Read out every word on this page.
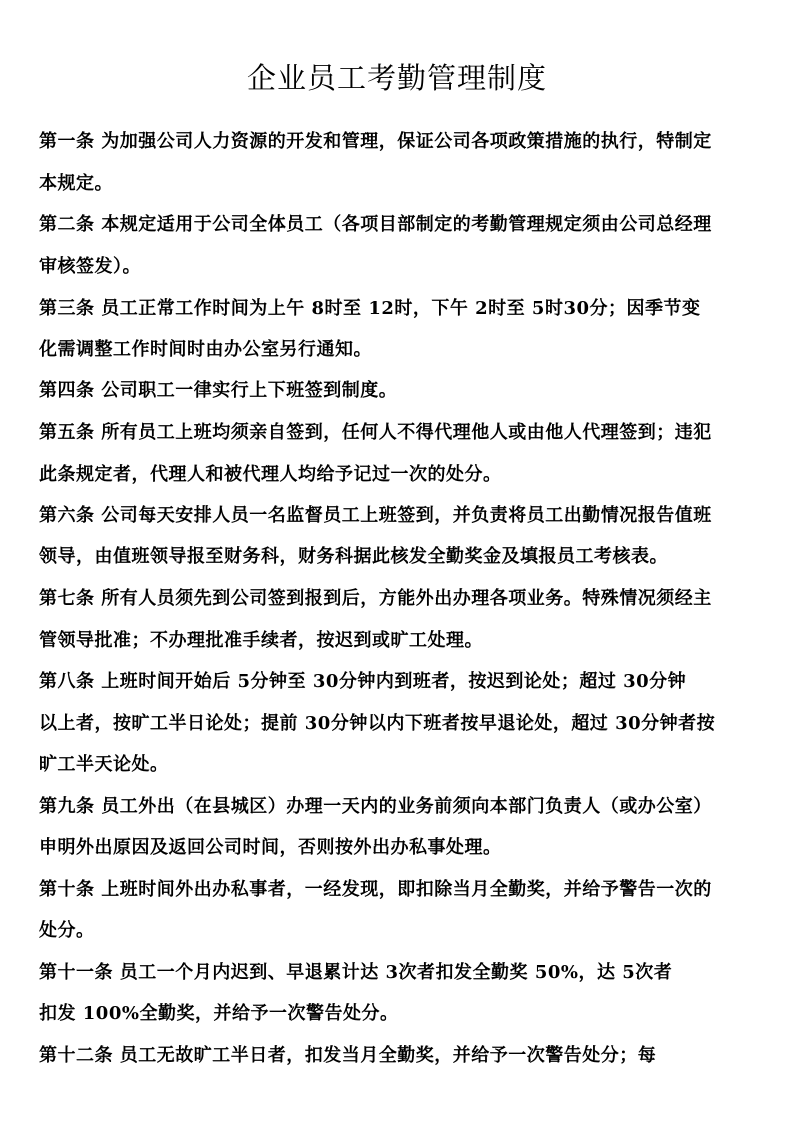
企业员工考勤管理制度
第一条 为加强公司人力资源的开发和管理，保证公司各项政策措施的执行，特制定
本规定。
第二条 本规定适用于公司全体员工（各项目部制定的考勤管理规定须由公司总经理
审核签发）。
第三条 员工正常工作时间为上午 8时至 12时，下午 2时至 5时30分；因季节变
化需调整工作时间时由办公室另行通知。
第四条 公司职工一律实行上下班签到制度。
第五条 所有员工上班均须亲自签到，任何人不得代理他人或由他人代理签到；违犯
此条规定者，代理人和被代理人均给予记过一次的处分。
第六条 公司每天安排人员一名监督员工上班签到，并负责将员工出勤情况报告值班
领导，由值班领导报至财务科，财务科据此核发全勤奖金及填报员工考核表。
第七条 所有人员须先到公司签到报到后，方能外出办理各项业务。特殊情况须经主
管领导批准；不办理批准手续者，按迟到或旷工处理。
第八条 上班时间开始后 5分钟至 30分钟内到班者，按迟到论处；超过 30分钟
以上者，按旷工半日论处；提前 30分钟以内下班者按早退论处，超过 30分钟者按
旷工半天论处。
第九条 员工外出（在县城区）办理一天内的业务前须向本部门负责人（或办公室）
申明外出原因及返回公司时间，否则按外出办私事处理。
第十条 上班时间外出办私事者，一经发现，即扣除当月全勤奖，并给予警告一次的
处分。
第十一条 员工一个月内迟到、早退累计达 3次者扣发全勤奖 50%，达 5次者
扣发 100%全勤奖，并给予一次警告处分。
第十二条 员工无故旷工半日者，扣发当月全勤奖，并给予一次警告处分；每
